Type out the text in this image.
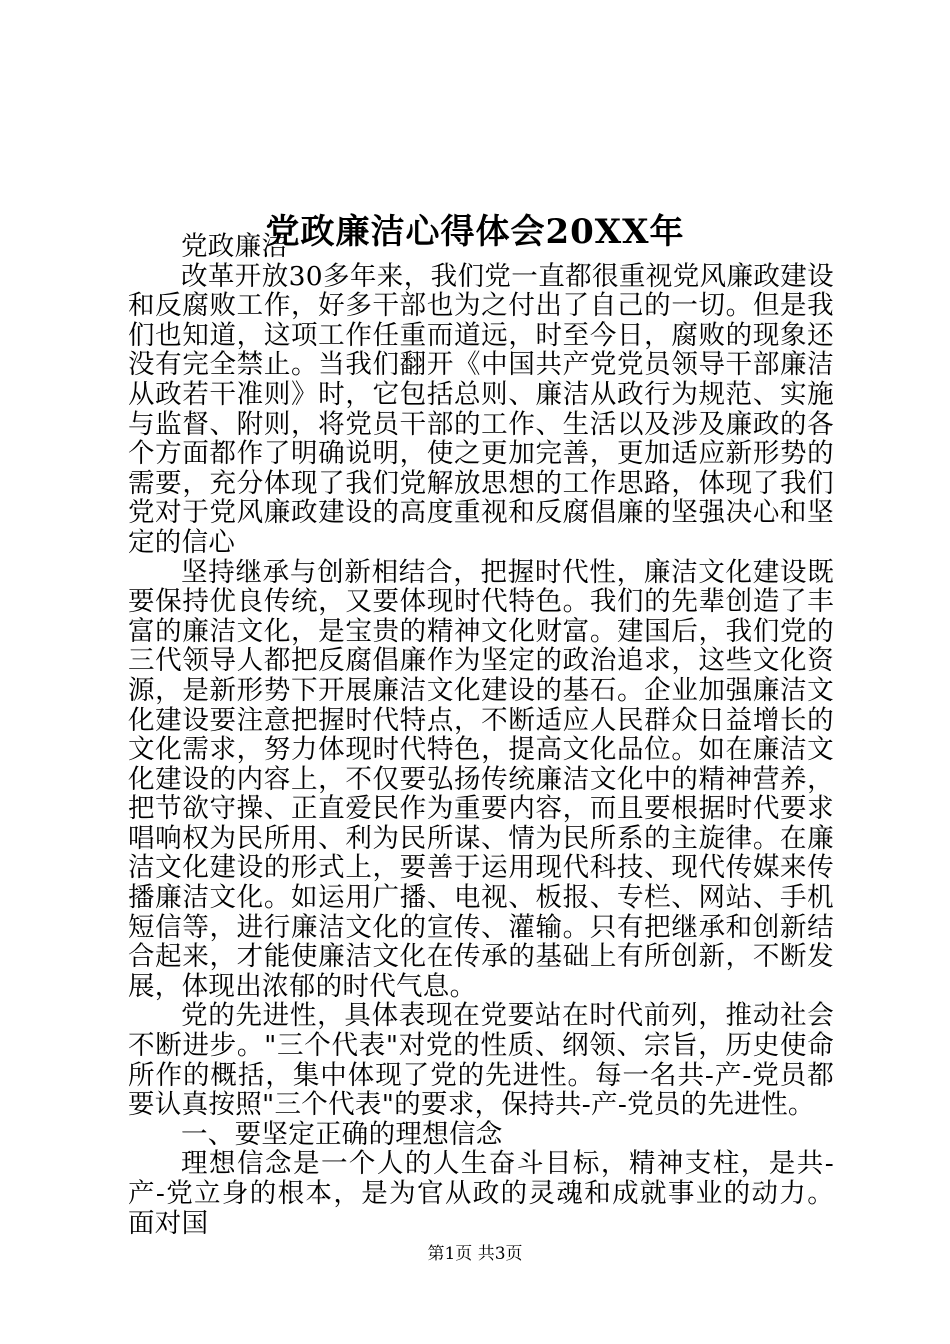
党政廉洁心得体会20XX年

党政廉洁

改革开放30多年来，我们党一直都很重视党风廉政建设和反腐败工作，好多干部也为之付出了自己的一切。但是我们也知道，这项工作任重而道远，时至今日，腐败的现象还没有完全禁止。当我们翻开《中国共产党党员领导干部廉洁从政若干准则》时，它包括总则、廉洁从政行为规范、实施与监督、附则，将党员干部的工作、生活以及涉及廉政的各个方面都作了明确说明，使之更加完善，更加适应新形势的需要，充分体现了我们党解放思想的工作思路，体现了我们党对于党风廉政建设的高度重视和反腐倡廉的坚强决心和坚定的信心

坚持继承与创新相结合，把握时代性，廉洁文化建设既要保持优良传统，又要体现时代特色。我们的先辈创造了丰富的廉洁文化，是宝贵的精神文化财富。建国后，我们党的三代领导人都把反腐倡廉作为坚定的政治追求，这些文化资源，是新形势下开展廉洁文化建设的基石。企业加强廉洁文化建设要注意把握时代特点，不断适应人民群众日益增长的文化需求，努力体现时代特色，提高文化品位。如在廉洁文化建设的内容上，不仅要弘扬传统廉洁文化中的精神营养，把节欲守操、正直爱民作为重要内容，而且要根据时代要求唱响权为民所用、利为民所谋、情为民所系的主旋律。在廉洁文化建设的形式上，要善于运用现代科技、现代传媒来传播廉洁文化。如运用广播、电视、板报、专栏、网站、手机短信等，进行廉洁文化的宣传、灌输。只有把继承和创新结合起来，才能使廉洁文化在传承的基础上有所创新，不断发展，体现出浓郁的时代气息。

党的先进性，具体表现在党要站在时代前列，推动社会不断进步。"三个代表"对党的性质、纲领、宗旨，历史使命所作的概括，集中体现了党的先进性。每一名共-产-党员都要认真按照"三个代表"的要求，保持共-产-党员的先进性。

一、要坚定正确的理想信念

理想信念是一个人的人生奋斗目标，精神支柱，是共-产-党立身的根本，是为官从政的灵魂和成就事业的动力。面对国

第1页 共3页
